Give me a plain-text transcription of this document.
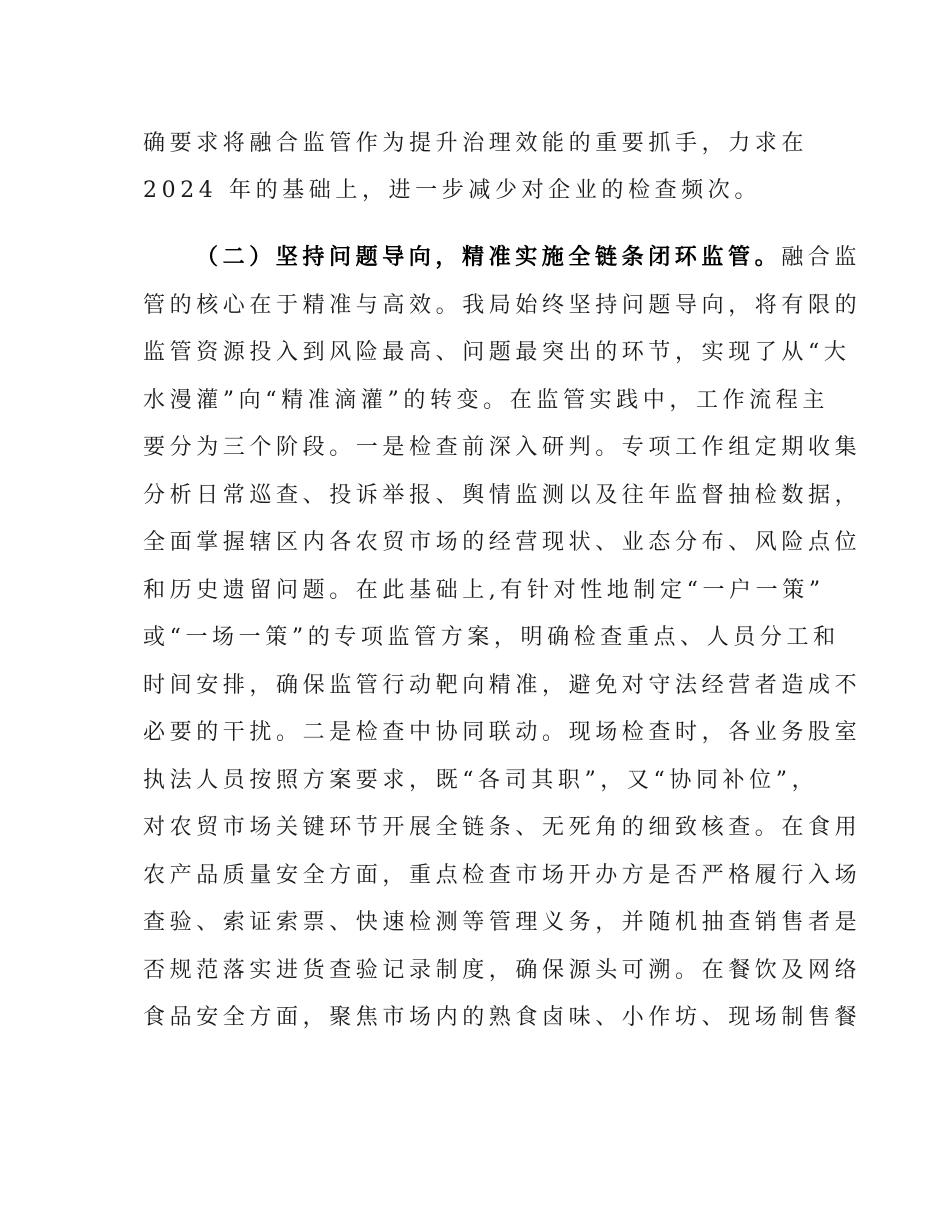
确要求将融合监管作为提升治理效能的重要抓手，力求在
2024 年的基础上，进一步减少对企业的检查频次。
（二）坚持问题导向，精准实施全链条闭环监管。融合监
管的核心在于精准与高效。我局始终坚持问题导向，将有限的
监管资源投入到风险最高、问题最突出的环节，实现了从“大
水漫灌”向“精准滴灌”的转变。在监管实践中，工作流程主
要分为三个阶段。一是检查前深入研判。专项工作组定期收集
分析日常巡查、投诉举报、舆情监测以及往年监督抽检数据，
全面掌握辖区内各农贸市场的经营现状、业态分布、风险点位
和历史遗留问题。在此基础上,有针对性地制定“一户一策”
或“一场一策”的专项监管方案，明确检查重点、人员分工和
时间安排，确保监管行动靶向精准，避免对守法经营者造成不
必要的干扰。二是检查中协同联动。现场检查时，各业务股室
执法人员按照方案要求，既“各司其职”，又“协同补位”，
对农贸市场关键环节开展全链条、无死角的细致核查。在食用
农产品质量安全方面，重点检查市场开办方是否严格履行入场
查验、索证索票、快速检测等管理义务，并随机抽查销售者是
否规范落实进货查验记录制度，确保源头可溯。在餐饮及网络
食品安全方面，聚焦市场内的熟食卤味、小作坊、现场制售餐
